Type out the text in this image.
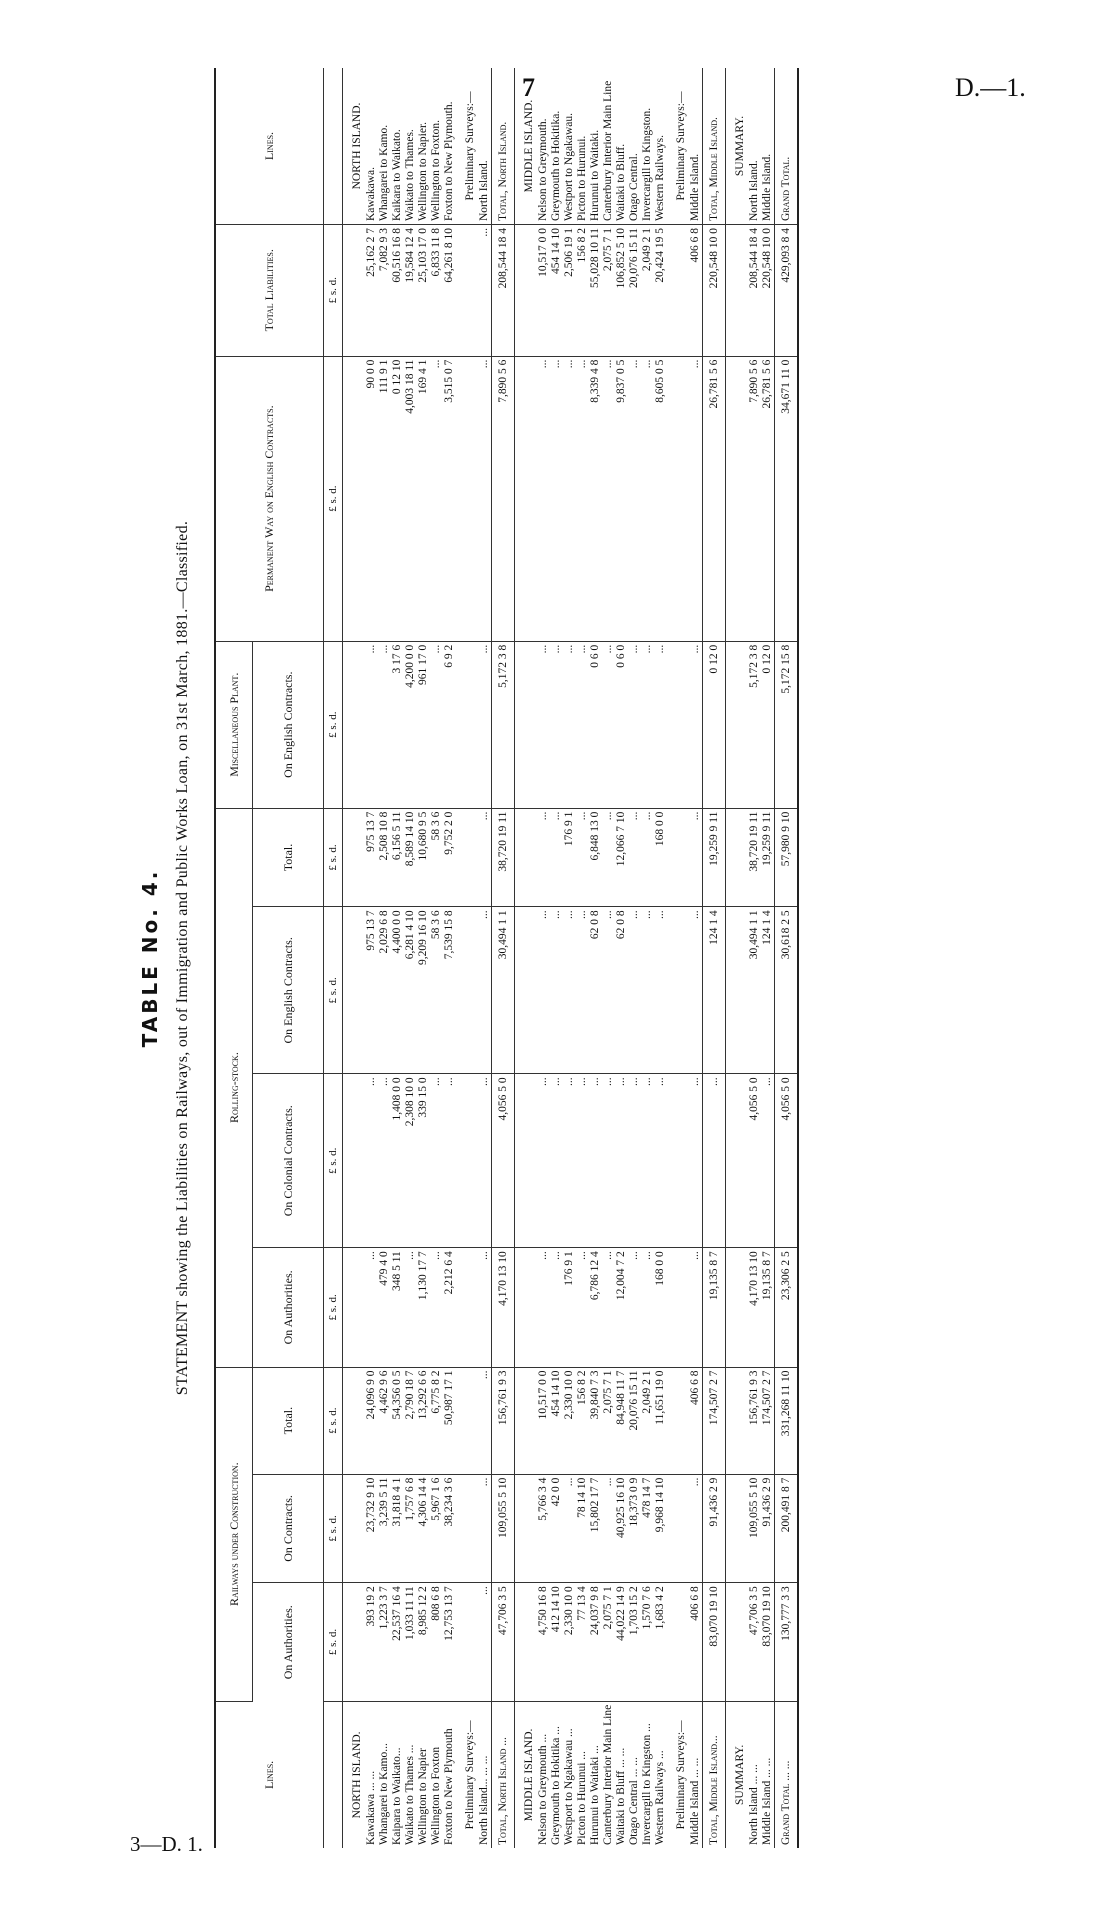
7	D.—1.
3—D. 1.
TABLE No. 4. STATEMENT showing the Liabilities on Railways, out of Immigration and Public Works Loan, on 31st March, 1881.—Classified.
Lines.	Railways under Construction.			Rolling-stock.				Miscellaneous Plant.	Permanent Way on English Contracts.	Total Liabilities.	Lines.
	On Authorities.	On Contracts.	Total.	On Authorities.	On Colonial Contracts.	On English Contracts.	Total.	On English Contracts.			
	£ s. d.	£ s. d.	£ s. d.	£ s. d.	£ s. d.	£ s. d.	£ s. d.	£ s. d.	£ s. d.	£ s. d.	
NORTH ISLAND.											NORTH ISLAND.
Kawakawa ... ...	393 19 2	23,732 9 10	24,096 9 0	...	...	975 13 7	975 13 7	...	90 0 0	25,162 2 7	Kawakawa.
Whangarei to Kamo...	1,223 3 7	3,239 5 11	4,462 9 6	479 4 0	...	2,029 6 8	2,508 10 8	...	111 9 1	7,082 9 3	Whangarei to Kamo.
Kaipara to Waikato...	22,537 16 4	31,818 4 1	54,356 0 5	348 5 11	1,408 0 0	4,400 0 0	6,156 5 11	3 17 6	0 12 10	60,516 16 8	Kaikara to Waikato.
Waikato to Thames ...	1,033 11 11	1,757 6 8	2,790 18 7	...	2,308 10 0	6,281 4 10	8,589 14 10	4,200 0 0	4,003 18 11	19,584 12 4	Waikato to Thames.
Wellington to Napier	8,985 12 2	4,306 14 4	13,292 6 6	1,130 17 7	339 15 0	9,209 16 10	10,680 9 5	961 17 0	169 4 1	25,103 17 0	Wellington to Napier.
Wellington to Foxton	808 6 8	5,967 1 6	6,775 8 2	...	...	58 3 6	58 3 6	...	...	6,833 11 8	Wellington to Foxton.
Foxton to New Plymouth	12,753 13 7	38,234 3 6	50,987 17 1	2,212 6 4	...	7,539 15 8	9,752 2 0	6 9 2	3,515 0 7	64,261 8 10	Foxton to New Plymouth.
Preliminary Surveys:—											Preliminary Surveys:—
North Island... ... ...	...	...	...	...	...	...	...	...	...	...	North Island.
Total, North Island ...	47,706 3 5	109,055 5 10	156,761 9 3	4,170 13 10	4,056 5 0	30,494 1 1	38,720 19 11	5,172 3 8	7,890 5 6	208,544 18 4	Total, North Island.
MIDDLE ISLAND.											MIDDLE ISLAND.
Nelson to Greymouth ...	4,750 16 8	5,766 3 4	10,517 0 0	...	...	...	...	...	...	10,517 0 0	Nelson to Greymouth.
Greymouth to Hokitika ...	412 14 10	42 0 0	454 14 10	...	...	...	...	...	...	454 14 10	Greymouth to Hokitika.
Westport to Ngakawau ...	2,330 10 0	...	2,330 10 0	176 9 1	...	...	176 9 1	...	...	2,506 19 1	Westport to Ngakawau.
Picton to Hurunui ...	77 13 4	78 14 10	156 8 2	...	...	...	...	...	...	156 8 2	Picton to Hurunui.
Hurunui to Waitaki ...	24,037 9 8	15,802 17 7	39,840 7 3	6,786 12 4	...	62 0 8	6,848 13 0	0 6 0	8,339 4 8	55,028 10 11	Hurunui to Waitaki.
Canterbury Interior Main Line	2,075 7 1	...	2,075 7 1	...	...	...	...	...	...	2,075 7 1	Canterbury Interior Main Line
Waitaki to Bluff ... ...	44,022 14 9	40,925 16 10	84,948 11 7	12,004 7 2	...	62 0 8	12,066 7 10	0 6 0	9,837 0 5	106,852 5 10	Waitaki to Bluff.
Otago Central ... ...	1,703 15 2	18,373 0 9	20,076 15 11	...	...	...	...	...	...	20,076 15 11	Otago Central.
Invercargill to Kingston ...	1,570 7 6	478 14 7	2,049 2 1	...	...	...	...	...	...	2,049 2 1	Invercargill to Kingston.
Western Railways ...	1,683 4 2	9,968 14 10	11,651 19 0	168 0 0	...	...	168 0 0	...	8,605 0 5	20,424 19 5	Western Railways.
Preliminary Surveys:—											Preliminary Surveys:—
Middle Island ... ...	406 6 8	...	406 6 8	...	...	...	...	...	...	406 6 8	Middle Island.
Total, Middle Island...	83,070 19 10	91,436 2 9	174,507 2 7	19,135 8 7	...	124 1 4	19,259 9 11	0 12 0	26,781 5 6	220,548 10 0	Total, Middle Island.
SUMMARY.											SUMMARY.
North Island ... ...	47,706 3 5	109,055 5 10	156,761 9 3	4,170 13 10	4,056 5 0	30,494 1 1	38,720 19 11	5,172 3 8	7,890 5 6	208,544 18 4	North Island.
Middle Island ... ...	83,070 19 10	91,436 2 9	174,507 2 7	19,135 8 7	...	124 1 4	19,259 9 11	0 12 0	26,781 5 6	220,548 10 0	Middle Island.
Grand Total ... ...	130,777 3 3	200,491 8 7	331,268 11 10	23,306 2 5	4,056 5 0	30,618 2 5	57,980 9 10	5,172 15 8	34,671 11 0	429,093 8 4	Grand Total.
